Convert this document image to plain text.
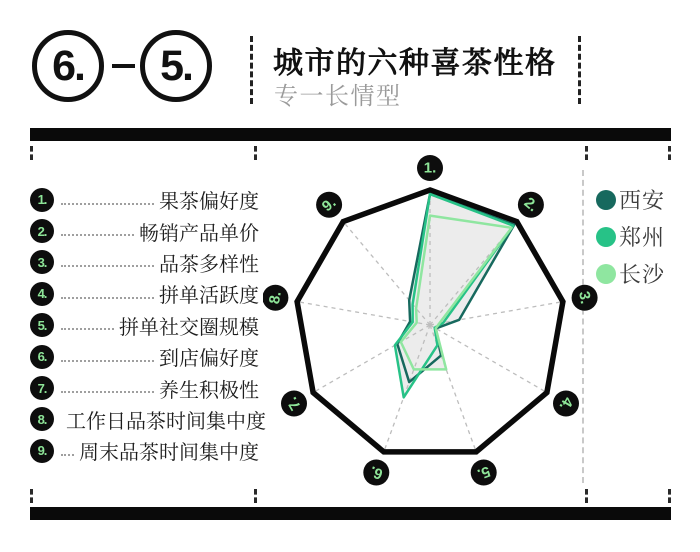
6.	5.	城市的六种喜茶性格
专一长情型
1.	果茶偏好度
2.	畅销产品单价
3.	品茶多样性
4.	拼单活跃度
5.	拼单社交圈规模
6.	到店偏好度
7.	养生积极性
8. 工作日品茶时间集中度
9.	周末品茶时间集中度
1.
2.
3.
4.
5.
6.
7.
8.
9.	西安
郑州
长沙
